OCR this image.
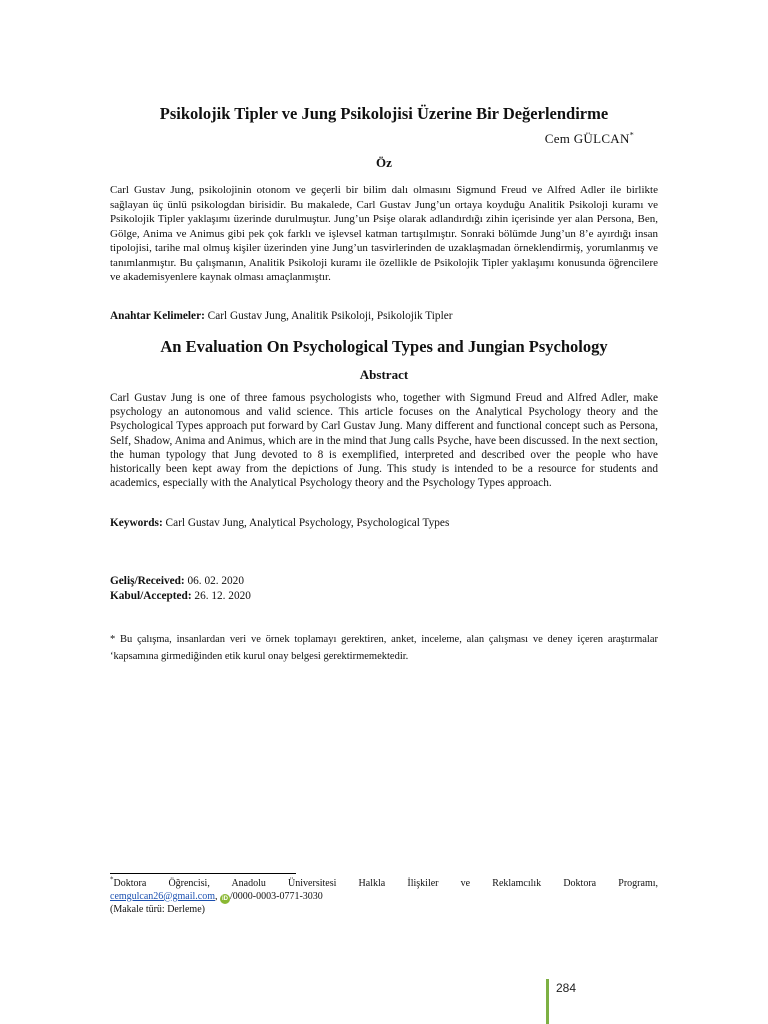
Psikolojik Tipler ve Jung Psikolojisi Üzerine Bir Değerlendirme
Cem GÜLCAN*
Öz
Carl Gustav Jung, psikolojinin otonom ve geçerli bir bilim dalı olmasını Sigmund Freud ve Alfred Adler ile birlikte sağlayan üç ünlü psikologdan birisidir. Bu makalede, Carl Gustav Jung’un ortaya koyduğu Analitik Psikoloji kuramı ve Psikolojik Tipler yaklaşımı üzerinde durulmuştur. Jung’un Psişe olarak adlandırdığı zihin içerisinde yer alan Persona, Ben, Gölge, Anima ve Animus gibi pek çok farklı ve işlevsel katman tartışılmıştır. Sonraki bölümde Jung’un 8’e ayırdığı insan tipolojisi, tarihe mal olmuş kişiler üzerinden yine Jung’un tasvirlerinden de uzaklaşmadan örneklendirmiş, yorumlanmış ve tanımlanmıştır. Bu çalışmanın, Analitik Psikoloji kuramı ile özellikle de Psikolojik Tipler yaklaşımı konusunda öğrencilere ve akademisyenlere kaynak olması amaçlanmıştır.
Anahtar Kelimeler: Carl Gustav Jung, Analitik Psikoloji, Psikolojik Tipler
An Evaluation On Psychological Types and Jungian Psychology
Abstract
Carl Gustav Jung is one of three famous psychologists who, together with Sigmund Freud and Alfred Adler, make psychology an autonomous and valid science. This article focuses on the Analytical Psychology theory and the Psychological Types approach put forward by Carl Gustav Jung. Many different and functional concept such as Persona, Self, Shadow, Anima and Animus, which are in the mind that Jung calls Psyche, have been discussed. In the next section, the human typology that Jung devoted to 8 is exemplified, interpreted and described over the people who have historically been kept away from the depictions of Jung. This study is intended to be a resource for students and academics, especially with the Analytical Psychology theory and the Psychology Types approach.
Keywords: Carl Gustav Jung, Analytical Psychology, Psychological Types
Geliş/Received: 06. 02. 2020
Kabul/Accepted: 26. 12. 2020
* Bu çalışma, insanlardan veri ve örnek toplamayı gerektiren, anket, inceleme, alan çalışması ve deney içeren araştırmalar ‘kapsamına girmediğinden etik kurul onay belgesi gerektirmemektedir.
*Doktora Öğrencisi, Anadolu Üniversitesi Halkla İlişkiler ve Reklamcılık Doktora Programı,
cemgulcan26@gmail.com, iD /0000-0003-0771-3030
(Makale türü: Derleme)
284
